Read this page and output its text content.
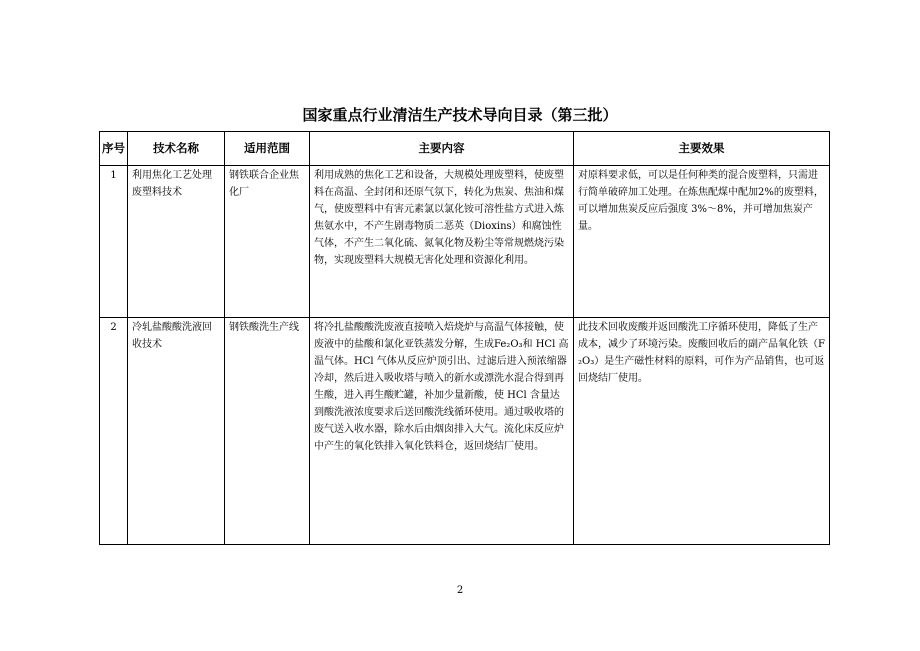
国家重点行业清洁生产技术导向目录（第三批）
序号	技术名称	适用范围	主要内容	主要效果
1	利用焦化工艺处理废塑料技术	钢铁联合企业焦化厂	利用成熟的焦化工艺和设备，大规模处理废塑料，使废塑料在高温、全封闭和还原气氛下，转化为焦炭、焦油和煤气，使废塑料中有害元素氯以氯化铵可溶性盐方式进入炼焦氨水中，不产生剧毒物质二恶英（Dioxins）和腐蚀性气体，不产生二氧化硫、氮氧化物及粉尘等常规燃烧污染物，实现废塑料大规模无害化处理和资源化利用。	对原料要求低，可以是任何种类的混合废塑料，只需进行简单破碎加工处理。在炼焦配煤中配加2%的废塑料，可以增加焦炭反应后强度 3%～8%，并可增加焦炭产量。
2	冷轧盐酸酸洗液回收技术	钢铁酸洗生产线	将冷扎盐酸酸洗废液直接喷入焙烧炉与高温气体接触，使废液中的盐酸和氯化亚铁蒸发分解，生成Fe₂O₃和 HCl 高温气体。HCl 气体从反应炉顶引出、过滤后进入预浓缩器冷却，然后进入吸收塔与喷入的新水或漂洗水混合得到再生酸，进入再生酸贮罐，补加少量新酸，使 HCl 含量达到酸洗液浓度要求后送回酸洗线循环使用。通过吸收塔的废气送入收水器，除水后由烟囱排入大气。流化床反应炉中产生的氧化铁排入氧化铁料仓，返回烧结厂使用。	此技术回收废酸并返回酸洗工序循环使用，降低了生产成本，减少了环境污染。废酸回收后的副产品氧化铁（F₂O₃）是生产磁性材料的原料，可作为产品销售，也可返回烧结厂使用。
2
